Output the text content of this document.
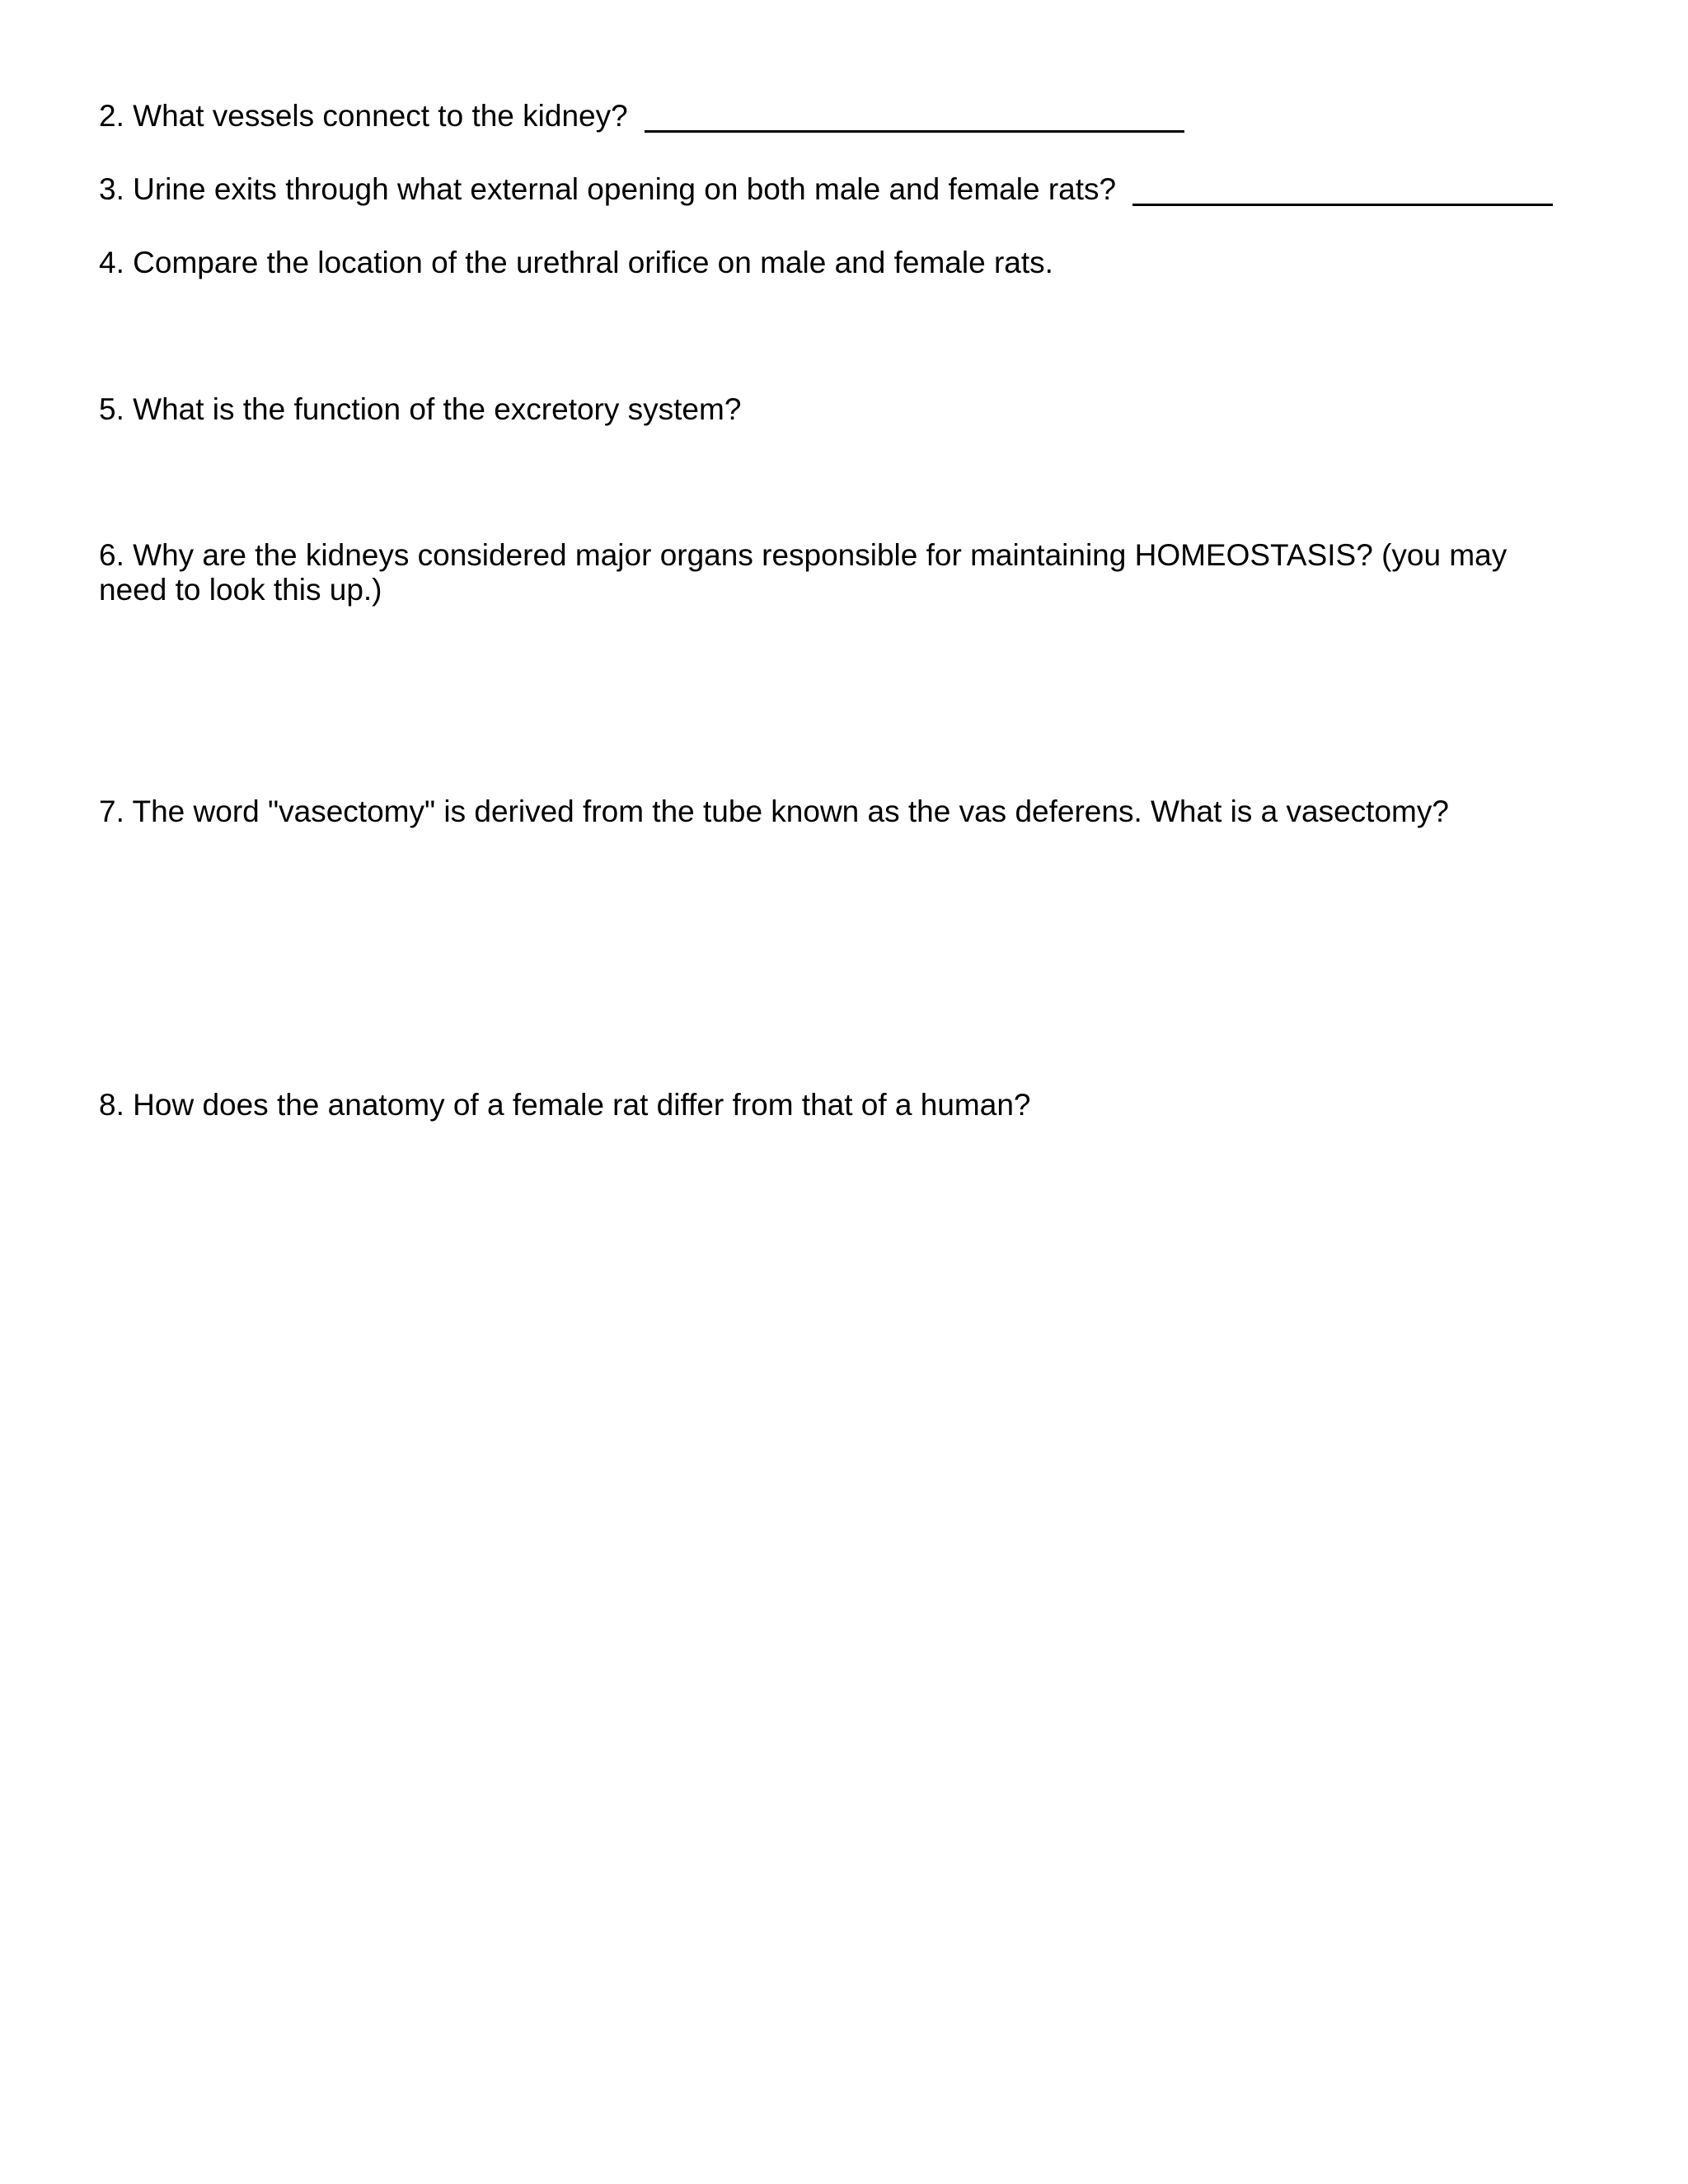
2. What vessels connect to the kidney?
3. Urine exits through what external opening on both male and female rats?
4. Compare the location of the urethral orifice on male and female rats.
5. What is the function of the excretory system?
6. Why are the kidneys considered major organs responsible for maintaining HOMEOSTASIS? (you may need to look this up.)
7. The word "vasectomy" is derived from the tube known as the vas deferens. What is a vasectomy?
8. How does the anatomy of a female rat differ from that of a human?
